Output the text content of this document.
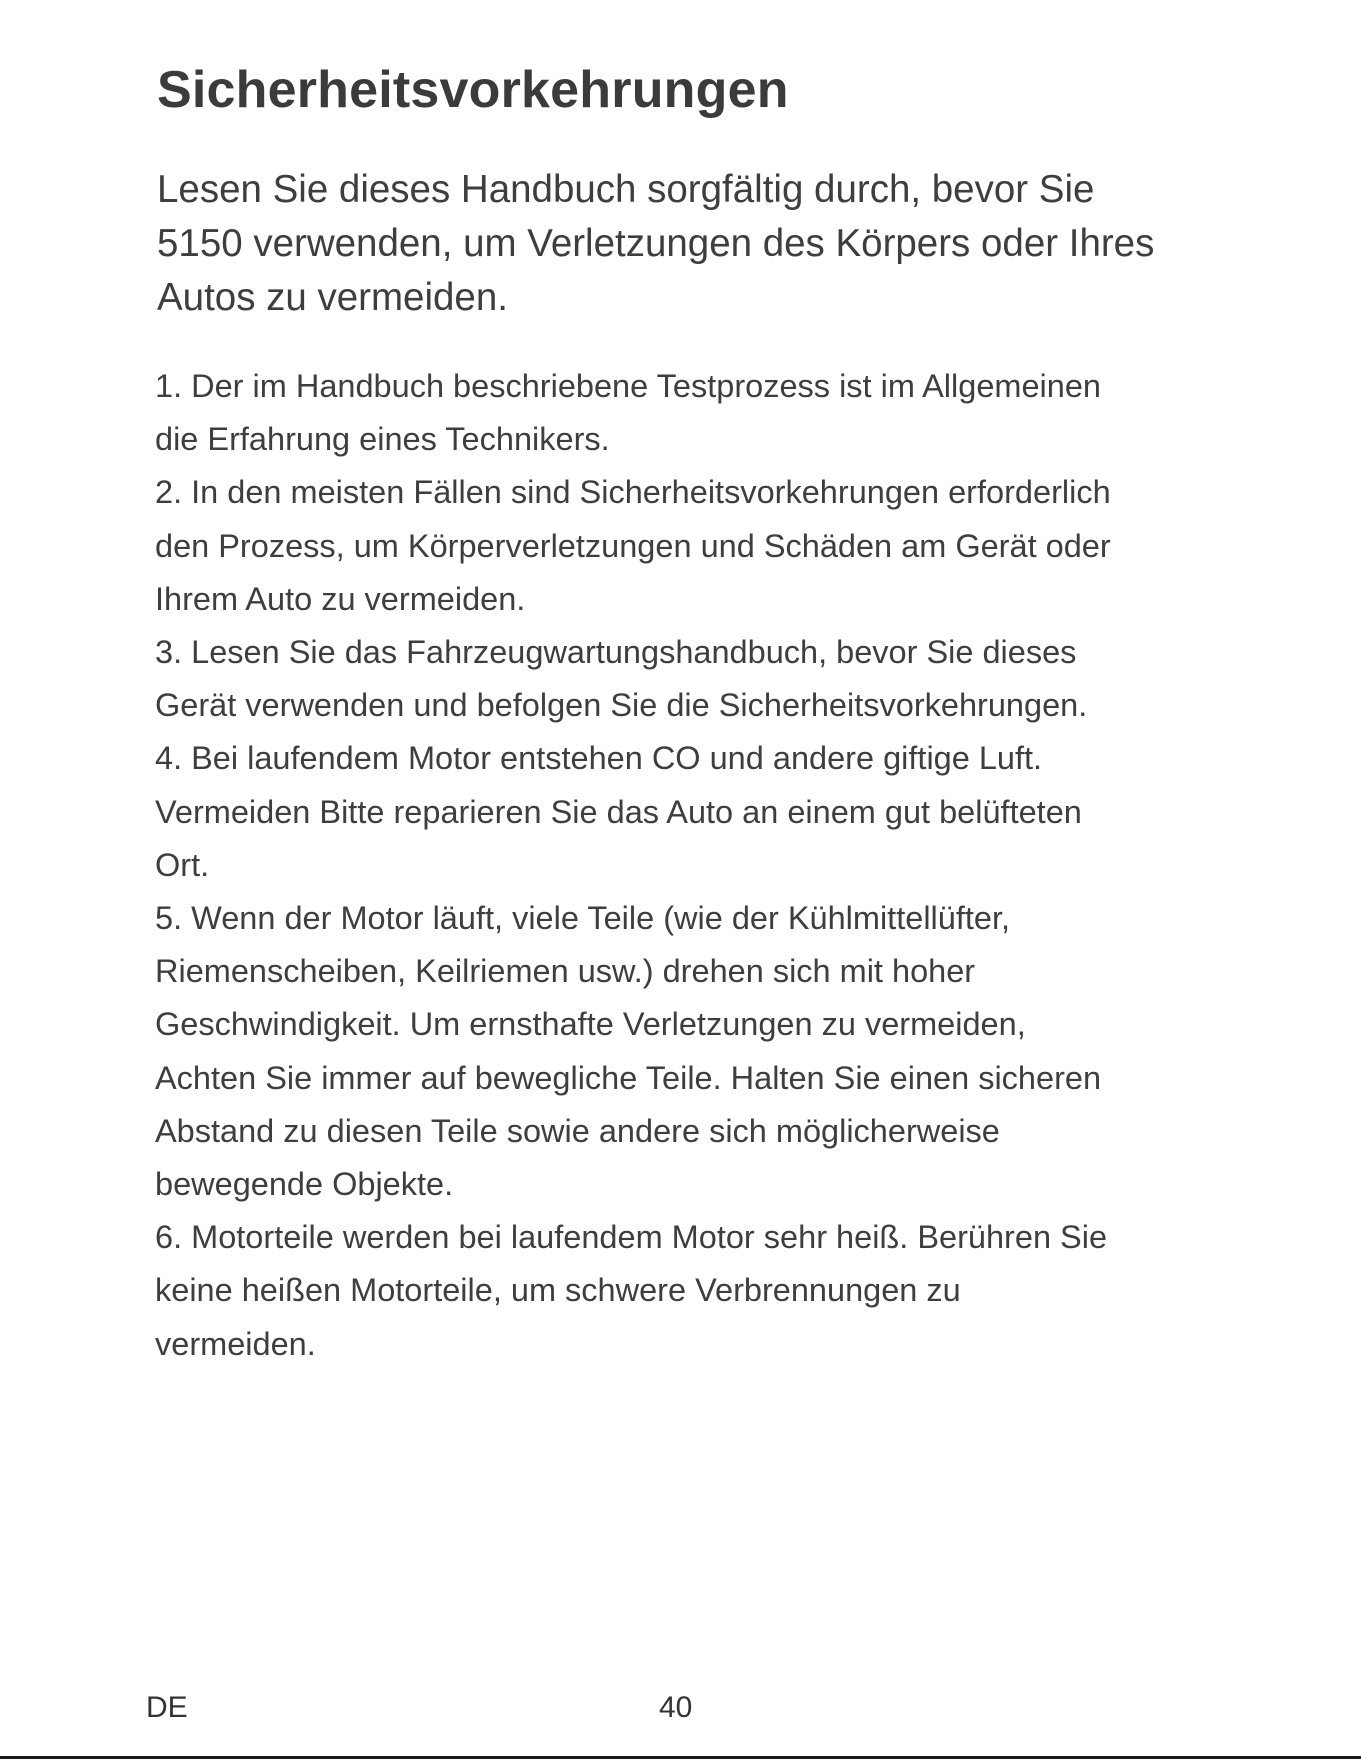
Sicherheitsvorkehrungen

Lesen Sie dieses Handbuch sorgfältig durch, bevor Sie
5150 verwenden, um Verletzungen des Körpers oder Ihres
Autos zu vermeiden.

1. Der im Handbuch beschriebene Testprozess ist im Allgemeinen
die Erfahrung eines Technikers.
2. In den meisten Fällen sind Sicherheitsvorkehrungen erforderlich
den Prozess, um Körperverletzungen und Schäden am Gerät oder
Ihrem Auto zu vermeiden.
3. Lesen Sie das Fahrzeugwartungshandbuch, bevor Sie dieses
Gerät verwenden und befolgen Sie die Sicherheitsvorkehrungen.
4. Bei laufendem Motor entstehen CO und andere giftige Luft.
Vermeiden Bitte reparieren Sie das Auto an einem gut belüfteten
Ort.
5. Wenn der Motor läuft, viele Teile (wie der Kühlmittellüfter,
Riemenscheiben, Keilriemen usw.) drehen sich mit hoher
Geschwindigkeit. Um ernsthafte Verletzungen zu vermeiden,
Achten Sie immer auf bewegliche Teile. Halten Sie einen sicheren
Abstand zu diesen Teile sowie andere sich möglicherweise
bewegende Objekte.
6. Motorteile werden bei laufendem Motor sehr heiß. Berühren Sie
keine heißen Motorteile, um schwere Verbrennungen zu
vermeiden.
DE	40
